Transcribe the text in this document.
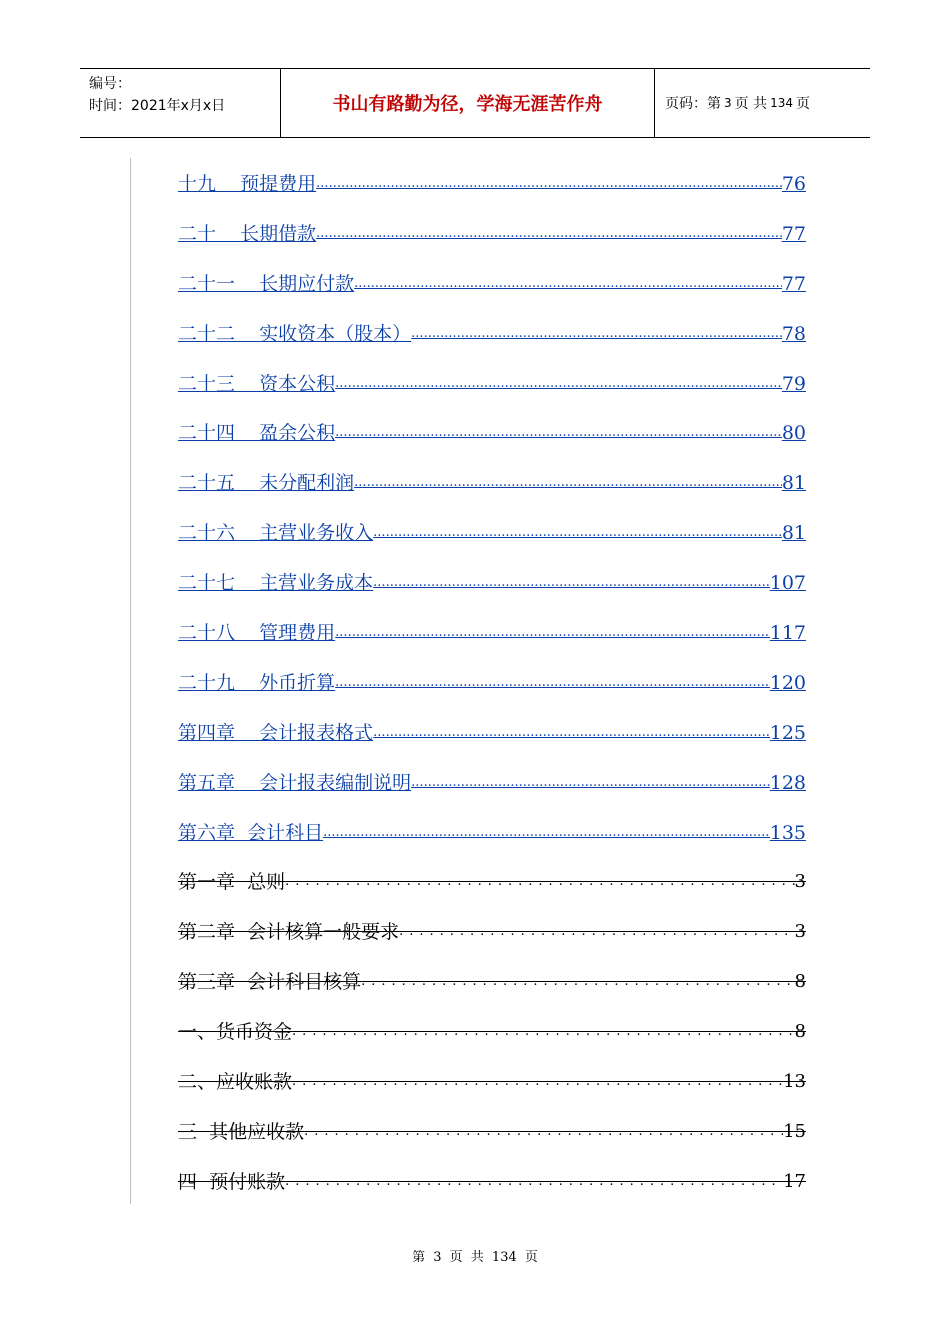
编号：
时间：2021年x月x日	书山有路勤为径，学海无涯苦作舟	页码：第 3 页 共 134 页
十九    预提费用 .....	76
二十    长期借款 .....	77
二十一    长期应付款 .....	77
二十二    实收资本（股本） .....	78
二十三    资本公积 .....	79
二十四    盈余公积 .....	80
二十五    未分配利润 .....	81
二十六    主营业务收入 .....	81
二十七    主营业务成本 .....	107
二十八    管理费用 .....	117
二十九    外币折算 .....	120
第四章    会计报表格式 .....	125
第五章    会计报表编制说明 .....	128
第六章  会计科目 .....	135
第一章  总则 .....	3
第二章  会计核算一般要求 .....	3
第三章  会计科目核算 .....	8
一、货币资金 .....	8
二、应收账款 .....	13
三  其他应收款 .....	15
四  预付账款 .....	17
第 3 页 共 134 页
